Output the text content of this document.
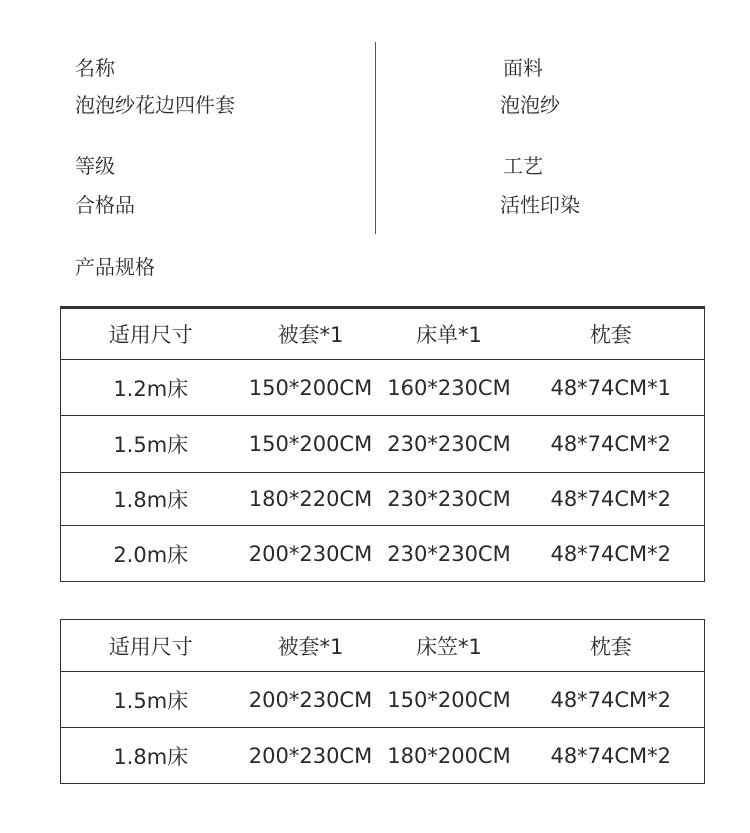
名称
泡泡纱花边四件套
等级
合格品
面料
泡泡纱
工艺
活性印染
产品规格
适用尺寸	被套*1	床单*1	枕套
1.2m床	150*200CM	160*230CM	48*74CM*1
1.5m床	150*200CM	230*230CM	48*74CM*2
1.8m床	180*220CM	230*230CM	48*74CM*2
2.0m床	200*230CM	230*230CM	48*74CM*2
适用尺寸	被套*1	床笠*1	枕套
1.5m床	200*230CM	150*200CM	48*74CM*2
1.8m床	200*230CM	180*200CM	48*74CM*2
